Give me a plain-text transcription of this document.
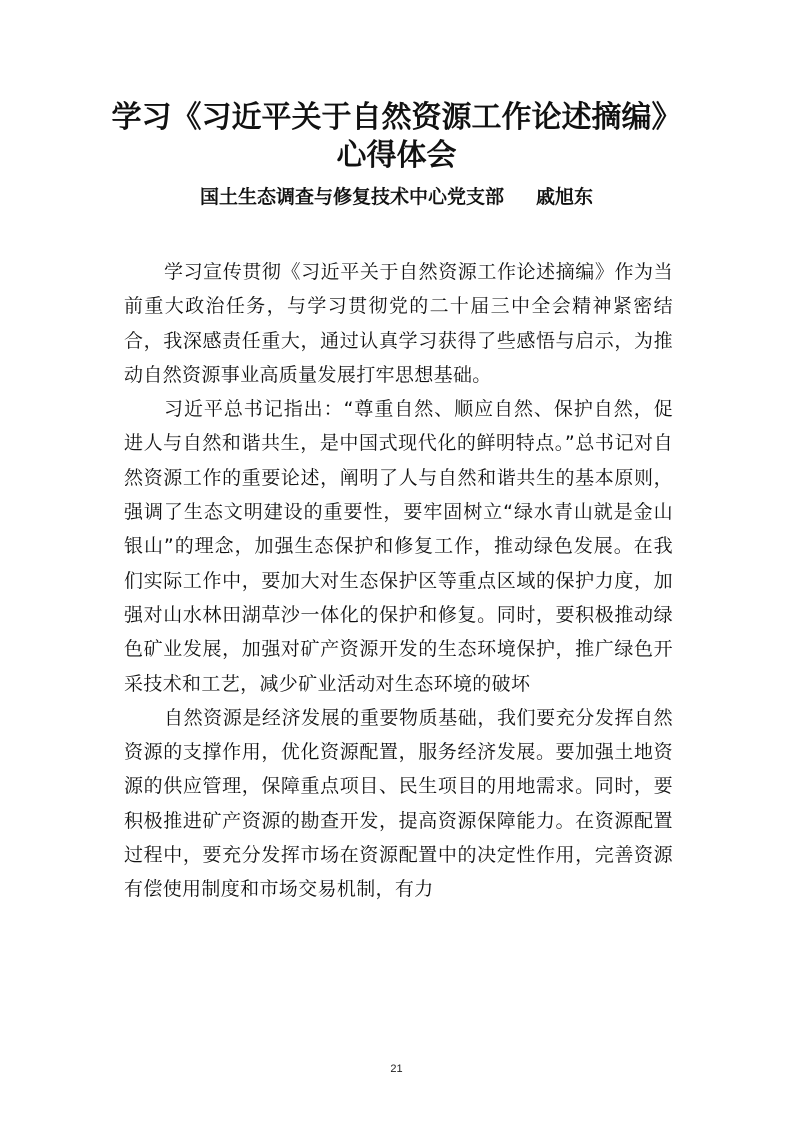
学习《习近平关于自然资源工作论述摘编》
心得体会
国土生态调查与修复技术中心党支部 戚旭东

学习宣传贯彻《习近平关于自然资源工作论述摘编》作为当前重大政治任务，与学习贯彻党的二十届三中全会精神紧密结合，我深感责任重大，通过认真学习获得了些感悟与启示，为推动自然资源事业高质量发展打牢思想基础。

习近平总书记指出：“尊重自然、顺应自然、保护自然，促进人与自然和谐共生，是中国式现代化的鲜明特点。”总书记对自然资源工作的重要论述，阐明了人与自然和谐共生的基本原则，强调了生态文明建设的重要性，要牢固树立“绿水青山就是金山银山”的理念，加强生态保护和修复工作，推动绿色发展。在我们实际工作中，要加大对生态保护区等重点区域的保护力度，加强对山水林田湖草沙一体化的保护和修复。同时，要积极推动绿色矿业发展，加强对矿产资源开发的生态环境保护，推广绿色开采技术和工艺，减少矿业活动对生态环境的破坏

自然资源是经济发展的重要物质基础，我们要充分发挥自然资源的支撑作用，优化资源配置，服务经济发展。要加强土地资源的供应管理，保障重点项目、民生项目的用地需求。同时，要积极推进矿产资源的勘查开发，提高资源保障能力。在资源配置过程中，要充分发挥市场在资源配置中的决定性作用，完善资源有偿使用制度和市场交易机制，有力

21
